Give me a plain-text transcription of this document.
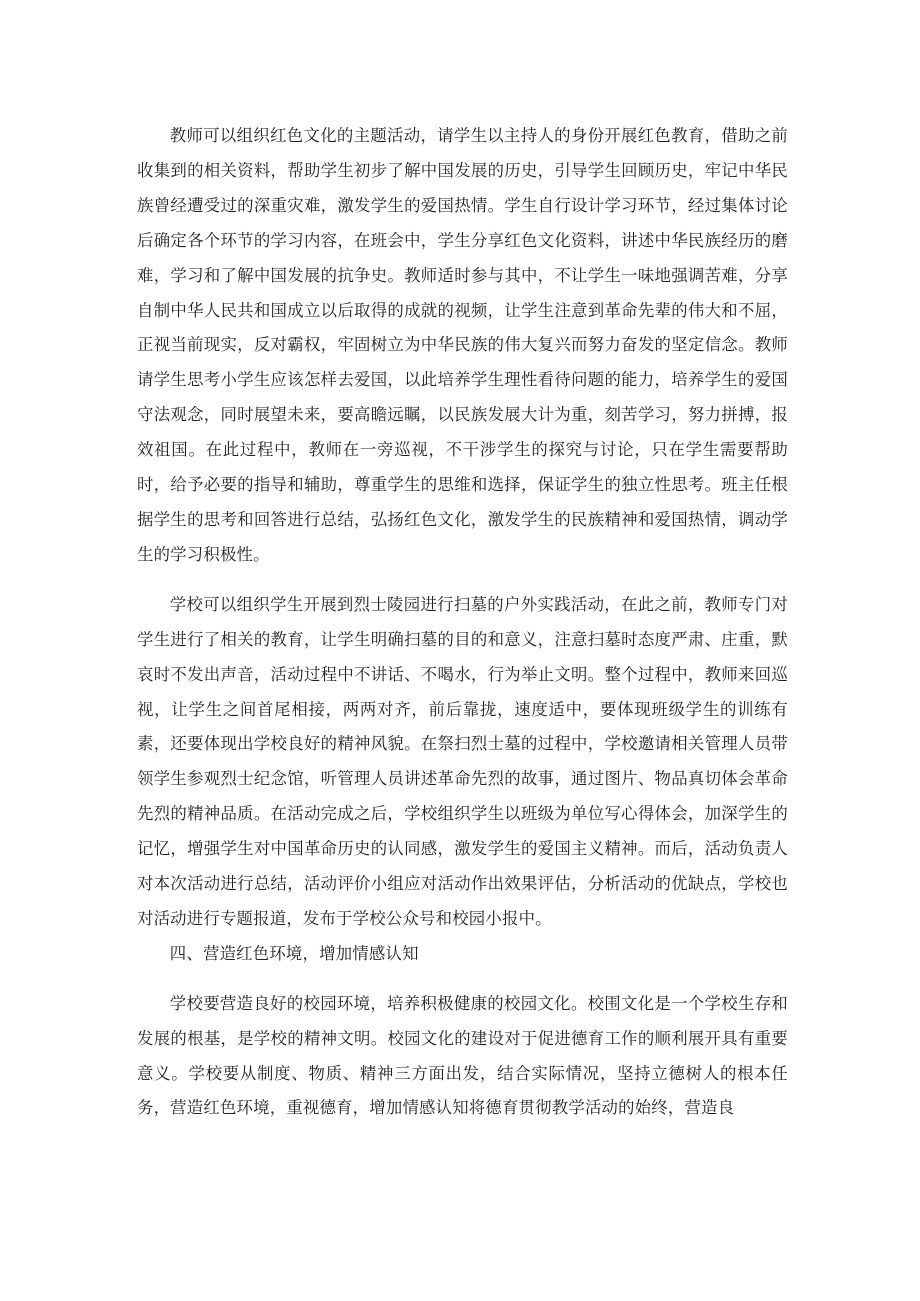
教师可以组织红色文化的主题活动，请学生以主持人的身份开展红色教育，借助之前收集到的相关资料，帮助学生初步了解中国发展的历史，引导学生回顾历史，牢记中华民族曾经遭受过的深重灾难，激发学生的爱国热情。学生自行设计学习环节，经过集体讨论后确定各个环节的学习内容，在班会中，学生分享红色文化资料，讲述中华民族经历的磨难，学习和了解中国发展的抗争史。教师适时参与其中，不让学生一味地强调苦难，分享自制中华人民共和国成立以后取得的成就的视频，让学生注意到革命先辈的伟大和不屈，正视当前现实，反对霸权，牢固树立为中华民族的伟大复兴而努力奋发的坚定信念。教师请学生思考小学生应该怎样去爱国，以此培养学生理性看待问题的能力，培养学生的爱国守法观念，同时展望未来，要高瞻远瞩，以民族发展大计为重，刻苦学习，努力拼搏，报效祖国。在此过程中，教师在一旁巡视，不干涉学生的探究与讨论，只在学生需要帮助时，给予必要的指导和辅助，尊重学生的思维和选择，保证学生的独立性思考。班主任根据学生的思考和回答进行总结，弘扬红色文化，激发学生的民族精神和爱国热情，调动学生的学习积极性。

学校可以组织学生开展到烈士陵园进行扫墓的户外实践活动，在此之前，教师专门对学生进行了相关的教育，让学生明确扫墓的目的和意义，注意扫墓时态度严肃、庄重，默哀时不发出声音，活动过程中不讲话、不喝水，行为举止文明。整个过程中，教师来回巡视，让学生之间首尾相接，两两对齐，前后靠拢，速度适中，要体现班级学生的训练有素，还要体现出学校良好的精神风貌。在祭扫烈士墓的过程中，学校邀请相关管理人员带领学生参观烈士纪念馆，听管理人员讲述革命先烈的故事，通过图片、物品真切体会革命先烈的精神品质。在活动完成之后，学校组织学生以班级为单位写心得体会，加深学生的记忆，增强学生对中国革命历史的认同感，激发学生的爱国主义精神。而后，活动负责人对本次活动进行总结，活动评价小组应对活动作出效果评估，分析活动的优缺点，学校也对活动进行专题报道，发布于学校公众号和校园小报中。

四、营造红色环境，增加情感认知

学校要营造良好的校园环境，培养积极健康的校园文化。校围文化是一个学校生存和发展的根基，是学校的精神文明。校园文化的建设对于促进德育工作的顺利展开具有重要意义。学校要从制度、物质、精神三方面出发，结合实际情况，坚持立德树人的根本任务，营造红色环境，重视德育，增加情感认知将德育贯彻教学活动的始终，营造良
